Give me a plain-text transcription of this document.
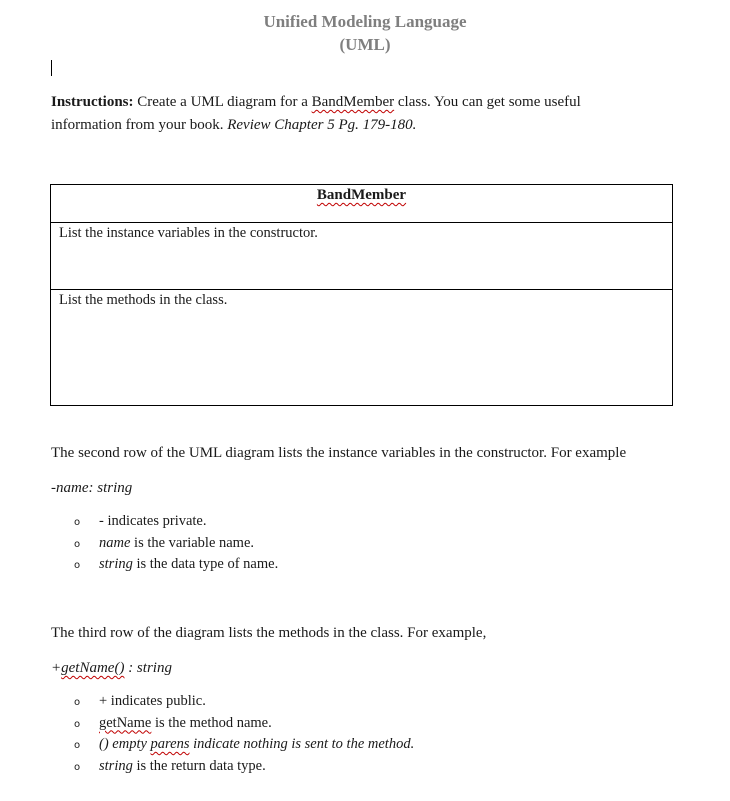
Unified Modeling Language
(UML)
Instructions: Create a UML diagram for a BandMember class. You can get some useful
information from your book. Review Chapter 5 Pg. 179-180.
BandMember
List the instance variables in the constructor.
List the methods in the class.
The second row of the UML diagram lists the instance variables in the constructor. For example
-name: string
o - indicates private.
o name is the variable name.
o string is the data type of name.
The third row of the diagram lists the methods in the class. For example,
+getName() : string
o + indicates public.
o getName is the method name.
o () empty parens indicate nothing is sent to the method.
o string is the return data type.
